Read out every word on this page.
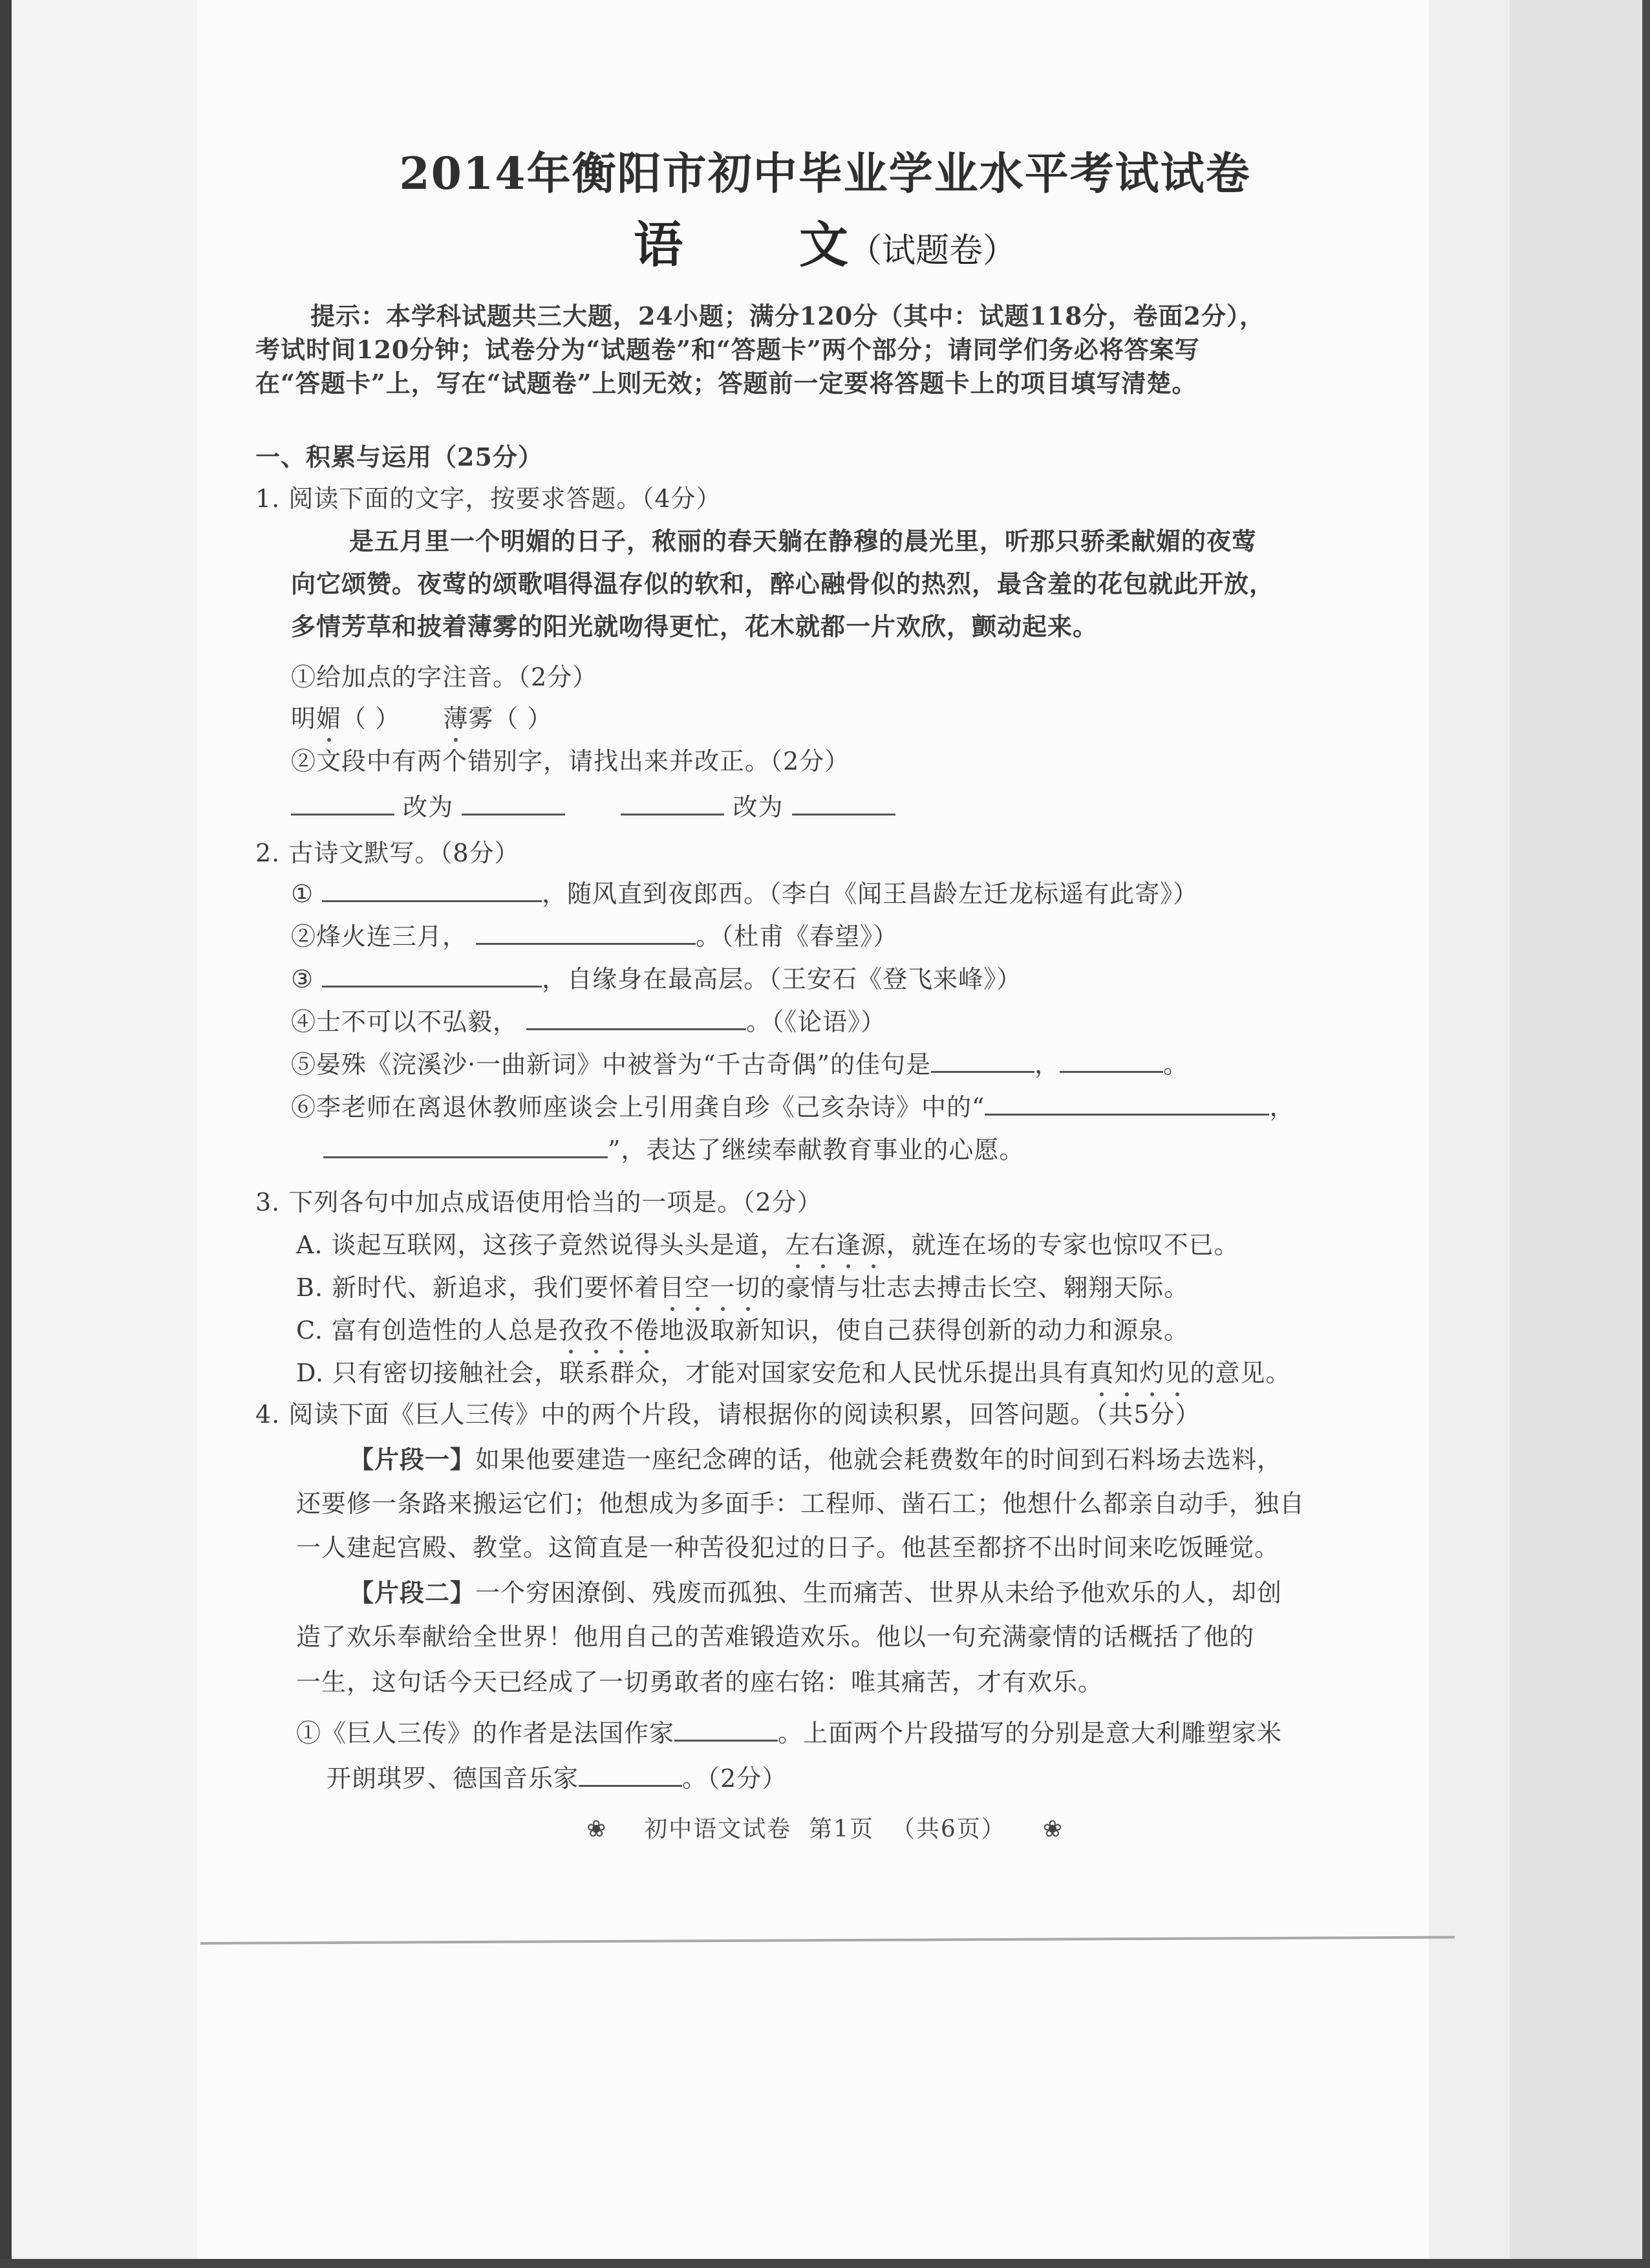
2014年衡阳市初中毕业学业水平考试试卷
语 文（试题卷）
提示：本学科试题共三大题，24小题；满分120分（其中：试题118分，卷面2分），
考试时间120分钟；试卷分为“试题卷”和“答题卡”两个部分；请同学们务必将答案写
在“答题卡”上，写在“试题卷”上则无效；答题前一定要将答题卡上的项目填写清楚。
一、积累与运用（25分）
1. 阅读下面的文字，按要求答题。（4分）
是五月里一个明媚的日子，秾丽的春天躺在静穆的晨光里，听那只骄柔献媚的夜莺
向它颂赞。夜莺的颂歌唱得温存似的软和，醉心融骨似的热烈，最含羞的花包就此开放，
多情芳草和披着薄雾的阳光就吻得更忙，花木就都一片欢欣，颤动起来。
①给加点的字注音。（2分）
明媚（ ） 薄雾（ ）
②文段中有两个错别字，请找出来并改正。（2分）
改为	改为
2. 古诗文默写。（8分）
①	，随风直到夜郎西。（李白《闻王昌龄左迁龙标遥有此寄》）
②烽火连三月，	。（杜甫《春望》）
③	，自缘身在最高层。（王安石《登飞来峰》）
④士不可以不弘毅，	。（《论语》）
⑤晏殊《浣溪沙·一曲新词》中被誉为“千古奇偶”的佳句是	，	。
⑥李老师在离退休教师座谈会上引用龚自珍《己亥杂诗》中的“	，
”，表达了继续奉献教育事业的心愿。
3. 下列各句中加点成语使用恰当的一项是。（2分）
A. 谈起互联网，这孩子竟然说得头头是道，左右逢源，就连在场的专家也惊叹不已。
B. 新时代、新追求，我们要怀着目空一切的豪情与壮志去搏击长空、翱翔天际。
C. 富有创造性的人总是孜孜不倦地汲取新知识，使自己获得创新的动力和源泉。
D. 只有密切接触社会，联系群众，才能对国家安危和人民忧乐提出具有真知灼见的意见。
4. 阅读下面《巨人三传》中的两个片段，请根据你的阅读积累，回答问题。（共5分）
【片段一】如果他要建造一座纪念碑的话，他就会耗费数年的时间到石料场去选料，
还要修一条路来搬运它们；他想成为多面手：工程师、凿石工；他想什么都亲自动手，独自
一人建起宫殿、教堂。这简直是一种苦役犯过的日子。他甚至都挤不出时间来吃饭睡觉。
【片段二】一个穷困潦倒、残废而孤独、生而痛苦、世界从未给予他欢乐的人，却创
造了欢乐奉献给全世界！他用自己的苦难锻造欢乐。他以一句充满豪情的话概括了他的
一生，这句话今天已经成了一切勇敢者的座右铭：唯其痛苦，才有欢乐。
①《巨人三传》的作者是法国作家	。上面两个片段描写的分别是意大利雕塑家米
开朗琪罗、德国音乐家	。（2分）
❀ 初中语文试卷  第1页  （共6页） ❀
